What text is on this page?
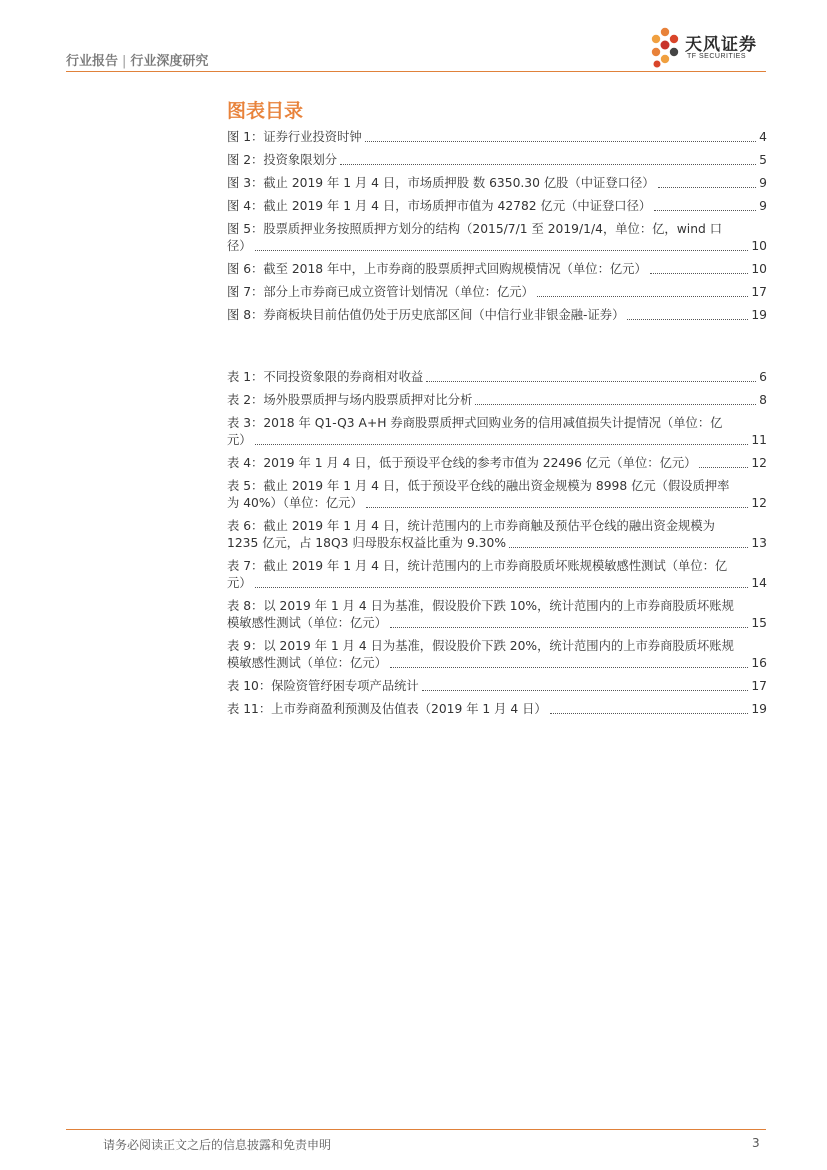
行业报告 | 行业深度研究
天风证券
TF SECURITIES
图表目录
图 1：证券行业投资时钟	4
图 2：投资象限划分	5
图 3：截止 2019 年 1 月 4 日，市场质押股 数 6350.30 亿股（中证登口径）	9
图 4：截止 2019 年 1 月 4 日，市场质押市值为 42782 亿元（中证登口径）	9
图 5：股票质押业务按照质押方划分的结构（2015/7/1 至 2019/1/4，单位：亿，wind 口
径）	10
图 6：截至 2018 年中，上市券商的股票质押式回购规模情况（单位：亿元）	10
图 7：部分上市券商已成立资管计划情况（单位：亿元）	17
图 8：券商板块目前估值仍处于历史底部区间（中信行业非银金融-证券）	19
表 1：不同投资象限的券商相对收益	6
表 2：场外股票质押与场内股票质押对比分析	8
表 3：2018 年 Q1-Q3 A+H 券商股票质押式回购业务的信用减值损失计提情况（单位：亿
元）	11
表 4：2019 年 1 月 4 日，低于预设平仓线的参考市值为 22496 亿元（单位：亿元）	12
表 5：截止 2019 年 1 月 4 日，低于预设平仓线的融出资金规模为 8998 亿元（假设质押率
为 40%）（单位：亿元）	12
表 6：截止 2019 年 1 月 4 日，统计范围内的上市券商触及预估平仓线的融出资金规模为
1235 亿元，占 18Q3 归母股东权益比重为 9.30%	13
表 7：截止 2019 年 1 月 4 日，统计范围内的上市券商股质坏账规模敏感性测试（单位：亿
元）	14
表 8：以 2019 年 1 月 4 日为基准，假设股价下跌 10%，统计范围内的上市券商股质坏账规
模敏感性测试（单位：亿元）	15
表 9：以 2019 年 1 月 4 日为基准，假设股价下跌 20%，统计范围内的上市券商股质坏账规
模敏感性测试（单位：亿元）	16
表 10：保险资管纾困专项产品统计	17
表 11：上市券商盈利预测及估值表（2019 年 1 月 4 日）	19
请务必阅读正文之后的信息披露和免责申明	3
